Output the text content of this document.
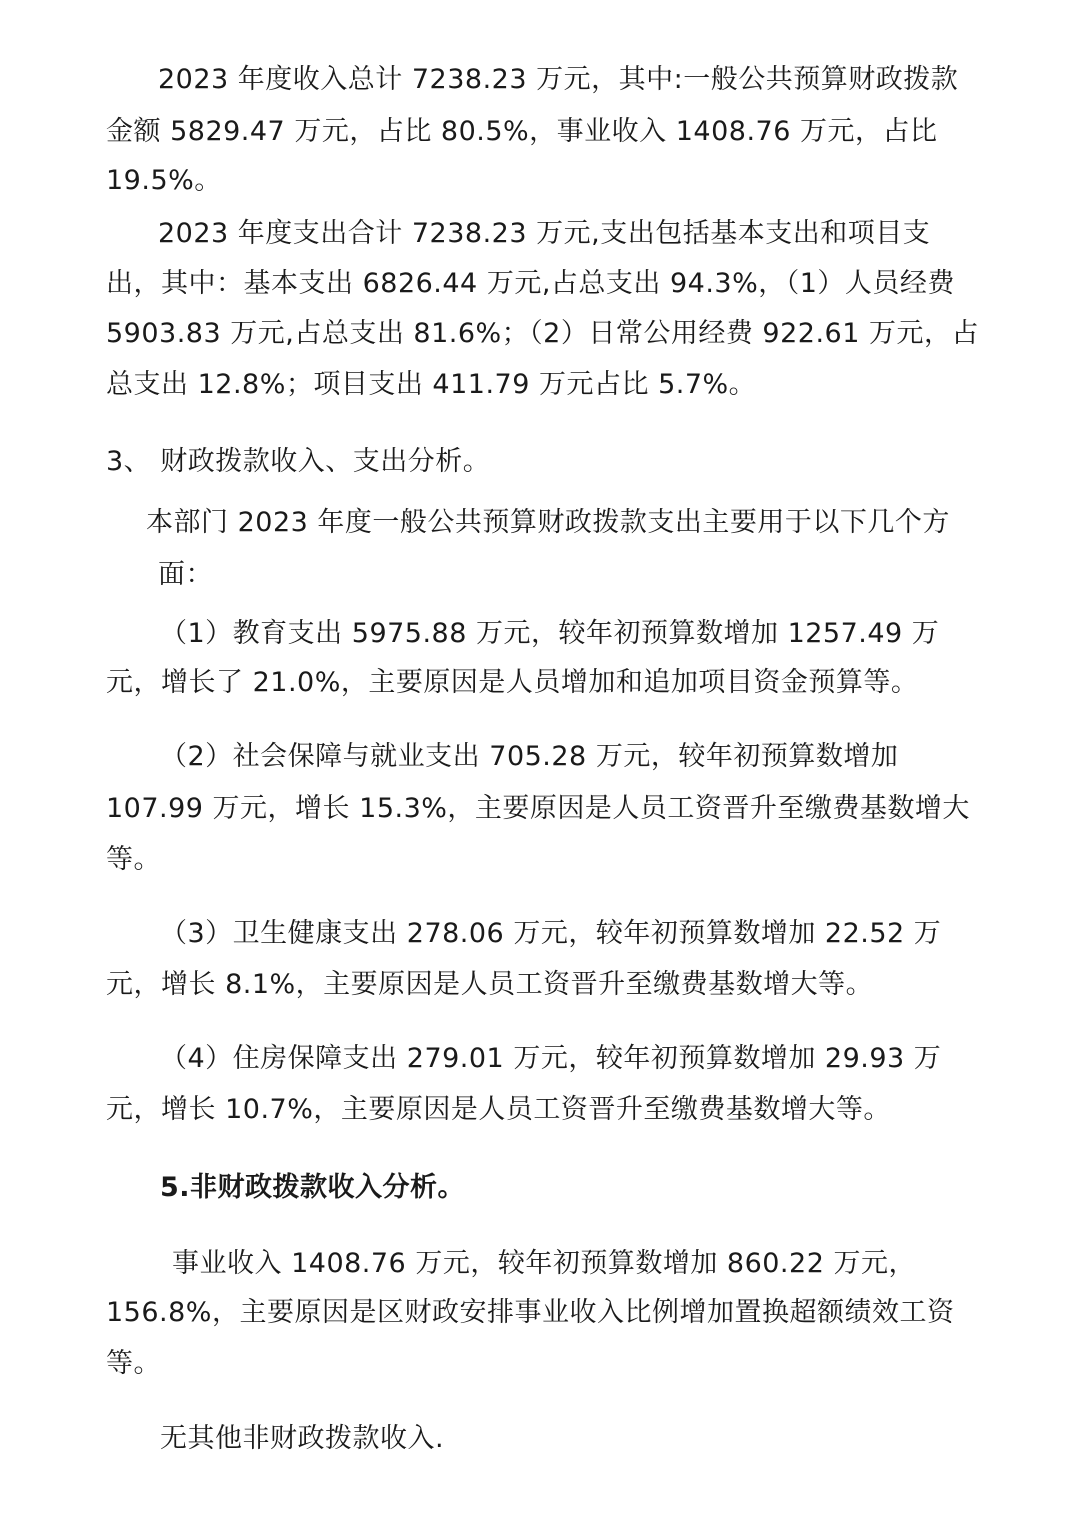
2023 年度收入总计 7238.23 万元，其中:一般公共预算财政拨款
金额 5829.47 万元，占比 80.5%，事业收入 1408.76 万元，占比
19.5%。
2023 年度支出合计 7238.23 万元,支出包括基本支出和项目支
出，其中：基本支出 6826.44 万元,占总支出 94.3%，（1）人员经费
5903.83 万元,占总支出 81.6%；（2）日常公用经费 922.61 万元，占
总支出 12.8%；项目支出 411.79 万元占比 5.7%。
3、 财政拨款收入、支出分析。
本部门 2023 年度一般公共预算财政拨款支出主要用于以下几个方
面：
（1）教育支出 5975.88 万元，较年初预算数增加 1257.49 万
元，增长了 21.0%，主要原因是人员增加和追加项目资金预算等。
（2）社会保障与就业支出 705.28 万元，较年初预算数增加
107.99 万元，增长 15.3%，主要原因是人员工资晋升至缴费基数增大
等。
（3）卫生健康支出 278.06 万元，较年初预算数增加 22.52 万
元，增长 8.1%，主要原因是人员工资晋升至缴费基数增大等。
（4）住房保障支出 279.01 万元，较年初预算数增加 29.93 万
元，增长 10.7%，主要原因是人员工资晋升至缴费基数增大等。
5.非财政拨款收入分析。
事业收入 1408.76 万元，较年初预算数增加 860.22 万元，
156.8%，主要原因是区财政安排事业收入比例增加置换超额绩效工资
等。
无其他非财政拨款收入.
